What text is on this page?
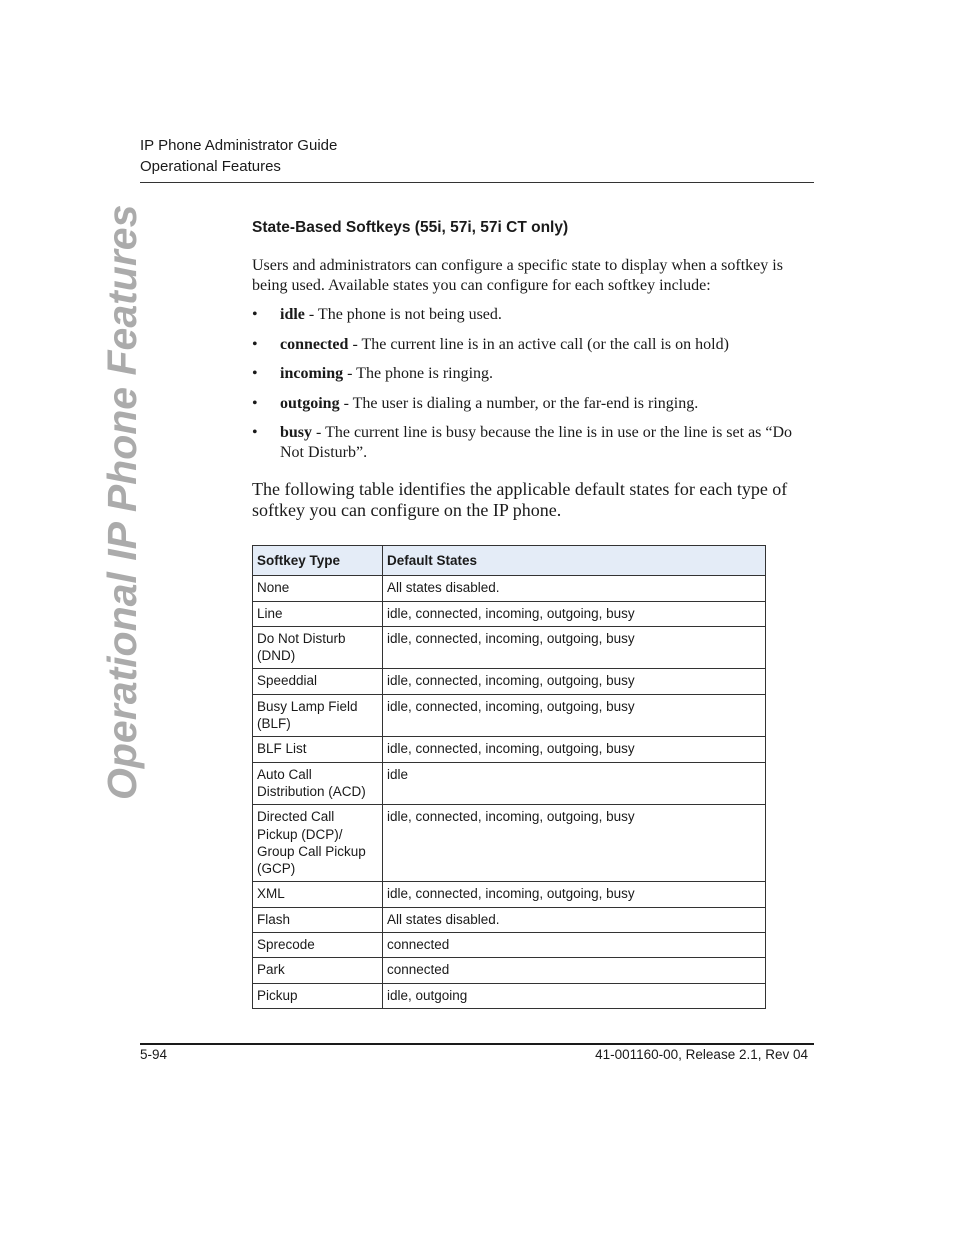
Operational IP Phone Features
IP Phone Administrator Guide
Operational Features
State-Based Softkeys (55i, 57i, 57i CT only)

Users and administrators can configure a specific state to display when a softkey is being used. Available states you can configure for each softkey include:

• idle - The phone is not being used.
• connected - The current line is in an active call (or the call is on hold)
• incoming - The phone is ringing.
• outgoing - The user is dialing a number, or the far-end is ringing.
• busy - The current line is busy because the line is in use or the line is set as “Do Not Disturb”.

The following table identifies the applicable default states for each type of softkey you can configure on the IP phone.

Softkey Type	Default States
None	All states disabled.
Line	idle, connected, incoming, outgoing, busy
Do Not Disturb (DND)	idle, connected, incoming, outgoing, busy
Speeddial	idle, connected, incoming, outgoing, busy
Busy Lamp Field (BLF)	idle, connected, incoming, outgoing, busy
BLF List	idle, connected, incoming, outgoing, busy
Auto Call Distribution (ACD)	idle
Directed Call Pickup (DCP)/ Group Call Pickup (GCP)	idle, connected, incoming, outgoing, busy
XML	idle, connected, incoming, outgoing, busy
Flash	All states disabled.
Sprecode	connected
Park	connected
Pickup	idle, outgoing
5-94	41-001160-00, Release 2.1, Rev 04
